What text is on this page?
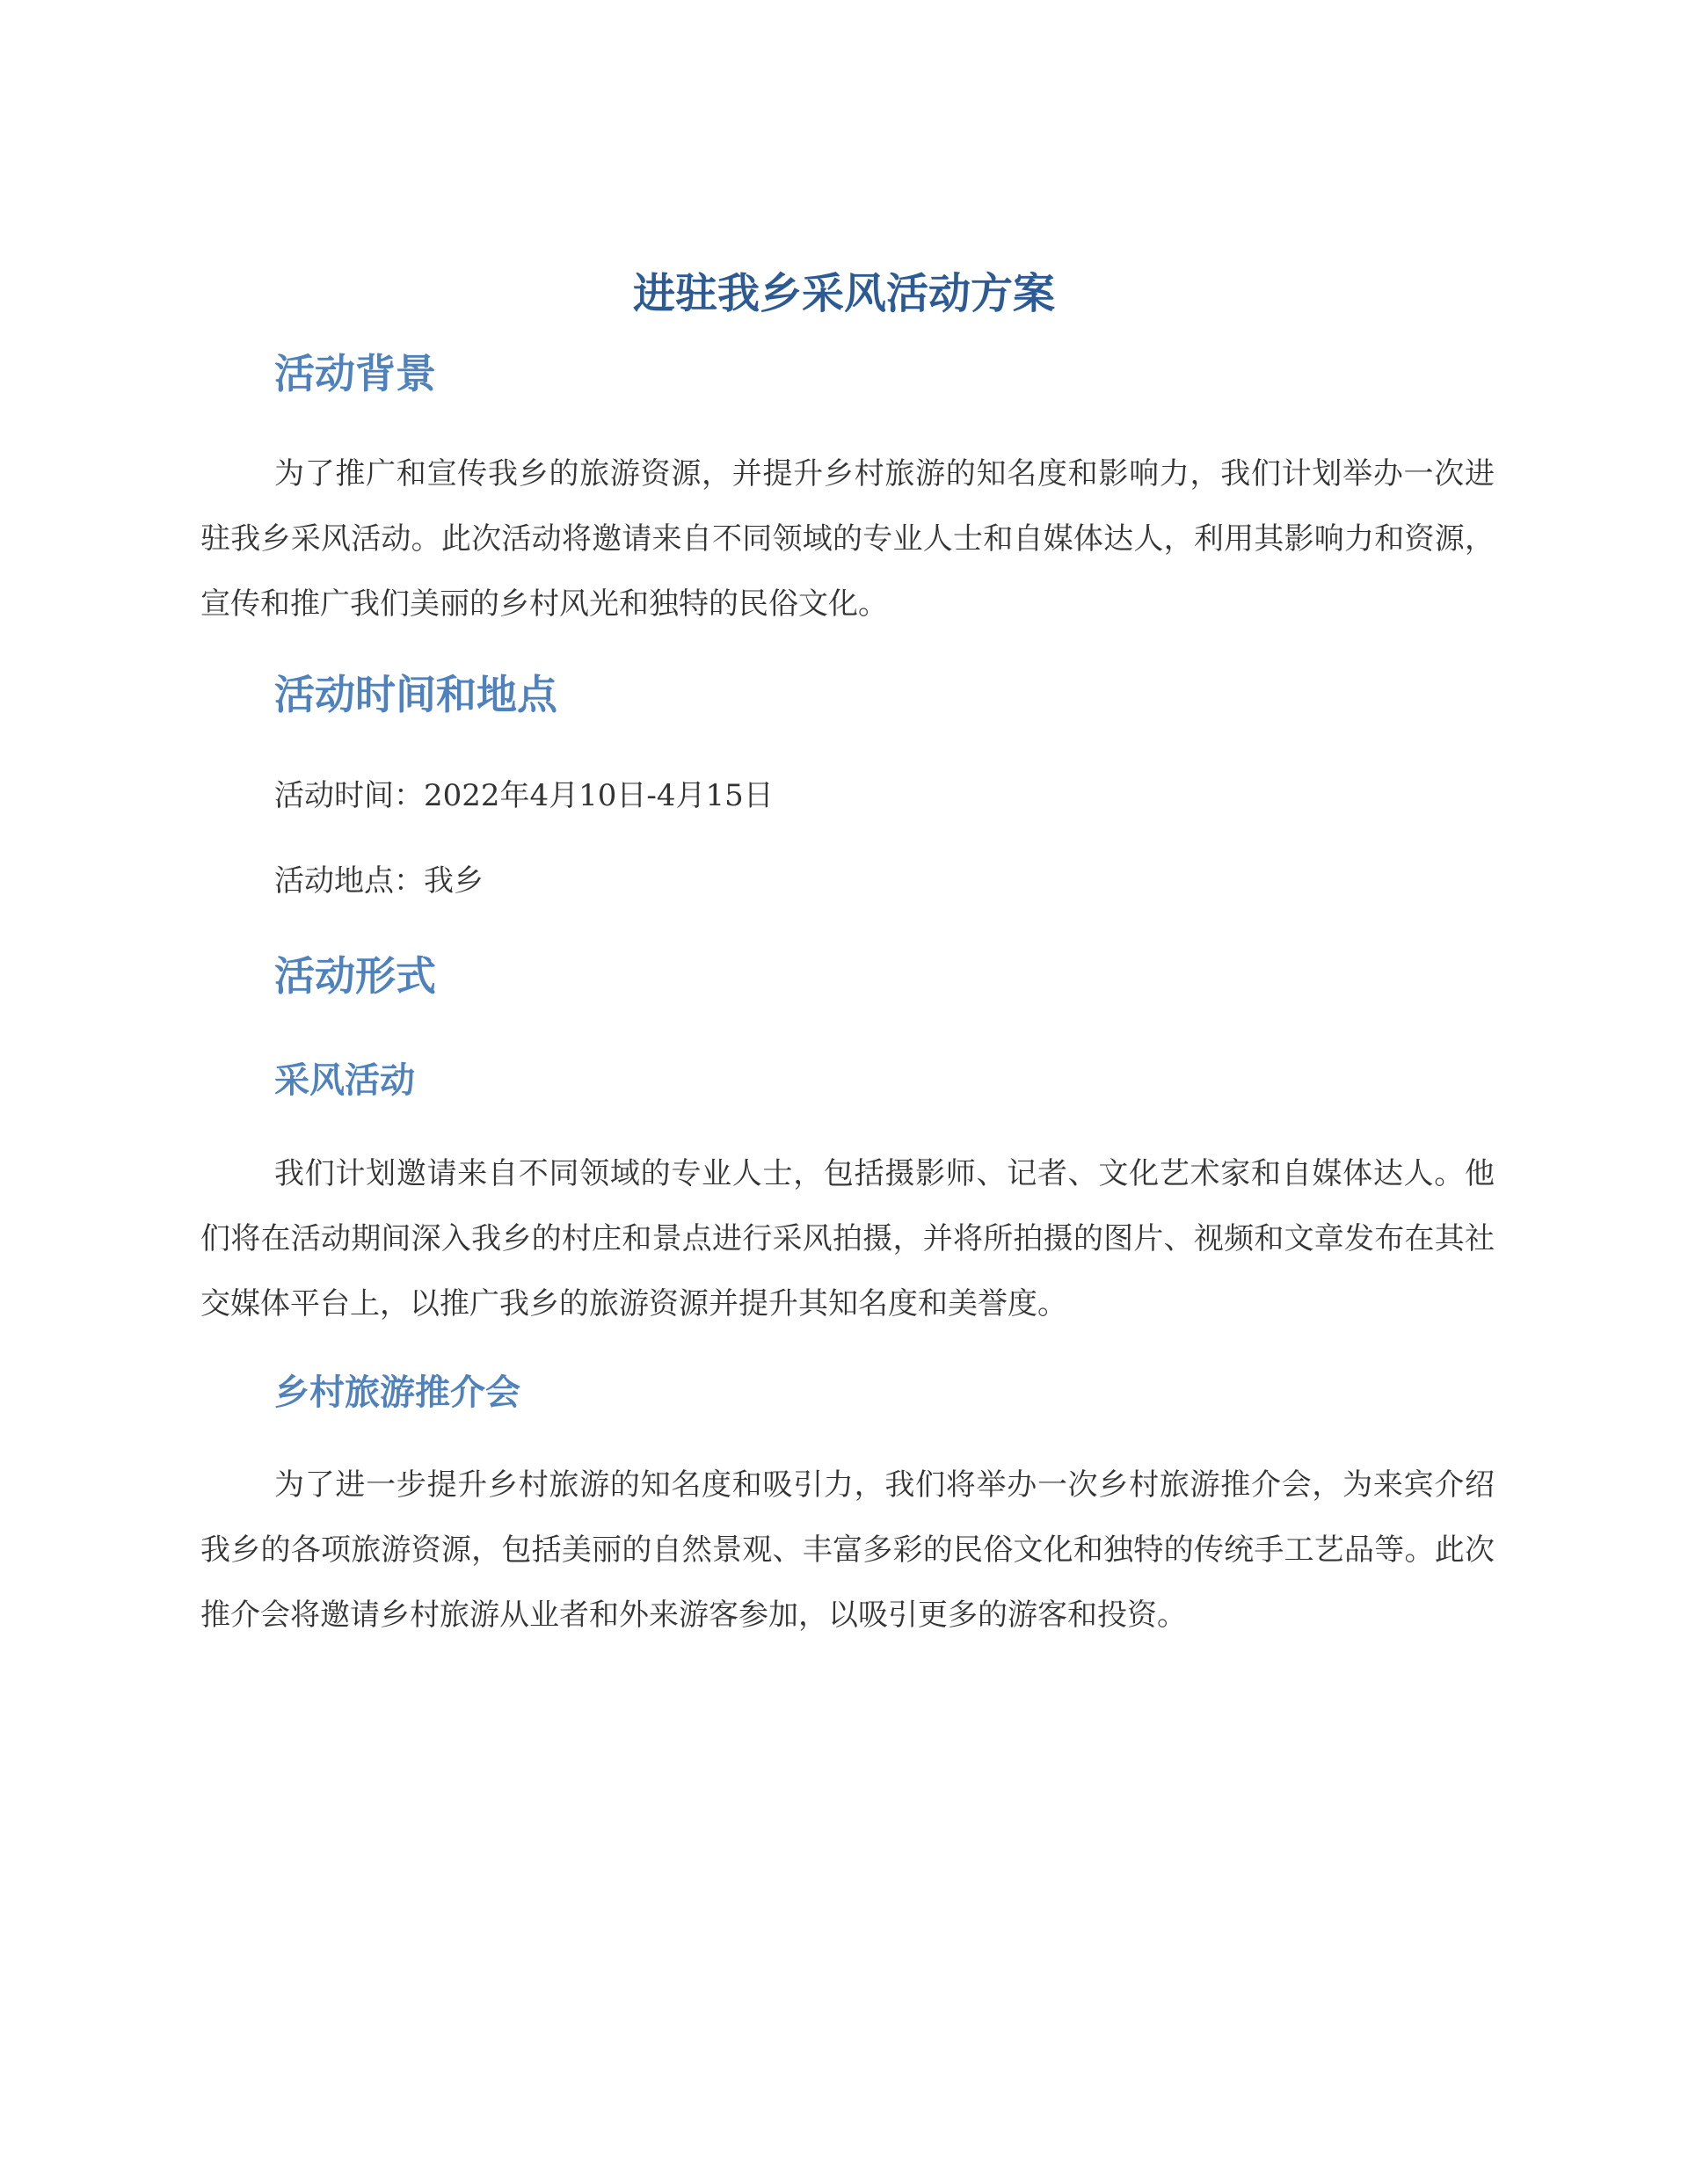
进驻我乡采风活动方案
活动背景

为了推广和宣传我乡的旅游资源，并提升乡村旅游的知名度和影响力，我们计划举办一次进驻我乡采风活动。此次活动将邀请来自不同领域的专业人士和自媒体达人，利用其影响力和资源，宣传和推广我们美丽的乡村风光和独特的民俗文化。

活动时间和地点

活动时间：2022年4月10日-4月15日

活动地点：我乡

活动形式
采风活动

我们计划邀请来自不同领域的专业人士，包括摄影师、记者、文化艺术家和自媒体达人。他们将在活动期间深入我乡的村庄和景点进行采风拍摄，并将所拍摄的图片、视频和文章发布在其社交媒体平台上，以推广我乡的旅游资源并提升其知名度和美誉度。

乡村旅游推介会

为了进一步提升乡村旅游的知名度和吸引力，我们将举办一次乡村旅游推介会，为来宾介绍我乡的各项旅游资源，包括美丽的自然景观、丰富多彩的民俗文化和独特的传统手工艺品等。此次推介会将邀请乡村旅游从业者和外来游客参加，以吸引更多的游客和投资。
